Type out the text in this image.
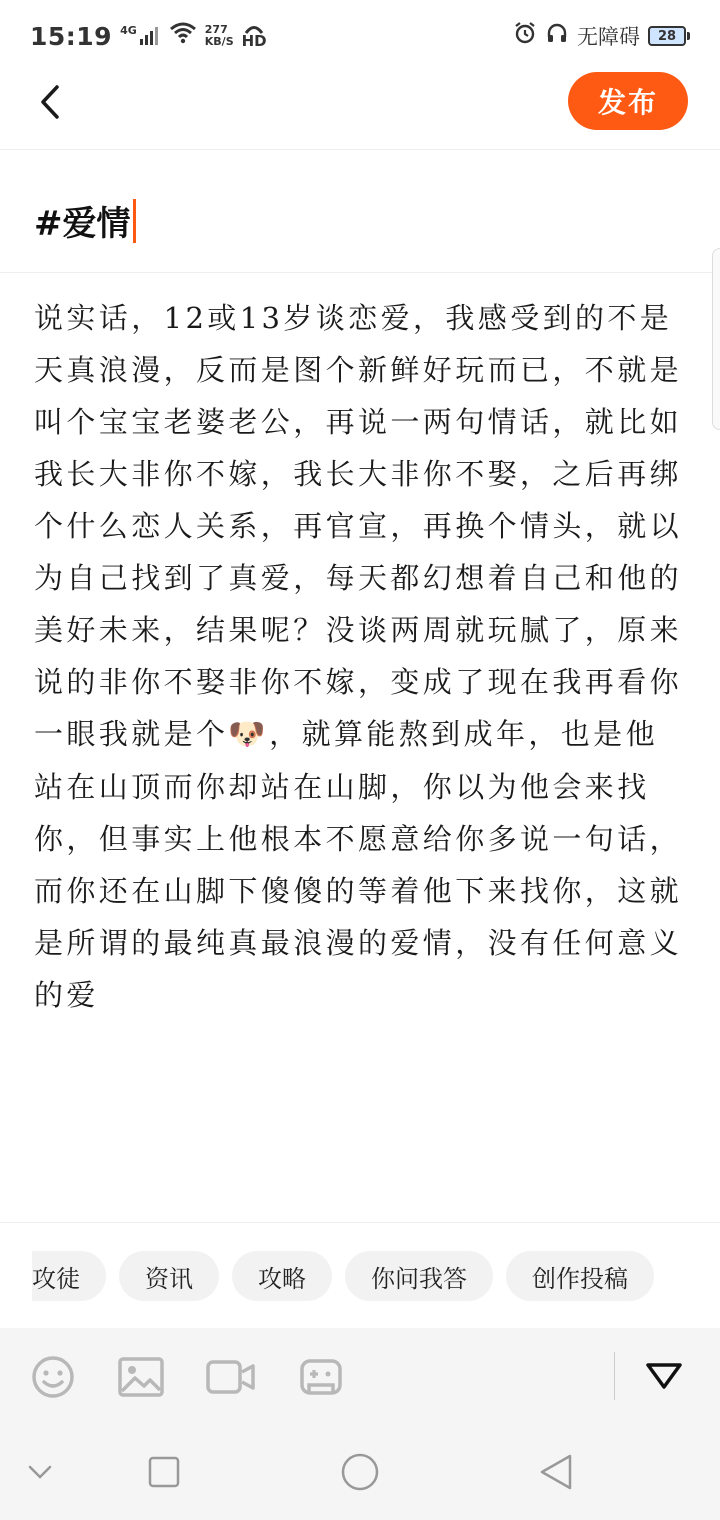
15:19 4G	277
KB/S HD	无障碍 28
发布
#爱情
说实话，12或13岁谈恋爱，我感受到的不是天真浪漫，反而是图个新鲜好玩而已，不就是叫个宝宝老婆老公，再说一两句情话，就比如我长大非你不嫁，我长大非你不娶，之后再绑个什么恋人关系，再官宣，再换个情头，就以为自己找到了真爱，每天都幻想着自己和他的美好未来，结果呢？没谈两周就玩腻了，原来说的非你不娶非你不嫁，变成了现在我再看你一眼我就是个🐶，就算能熬到成年，也是他站在山顶而你却站在山脚，你以为他会来找你，但事实上他根本不愿意给你多说一句话，而你还在山脚下傻傻的等着他下来找你，这就是所谓的最纯真最浪漫的爱情，没有任何意义的爱
攻徒	资讯	攻略	你问我答	创作投稿
